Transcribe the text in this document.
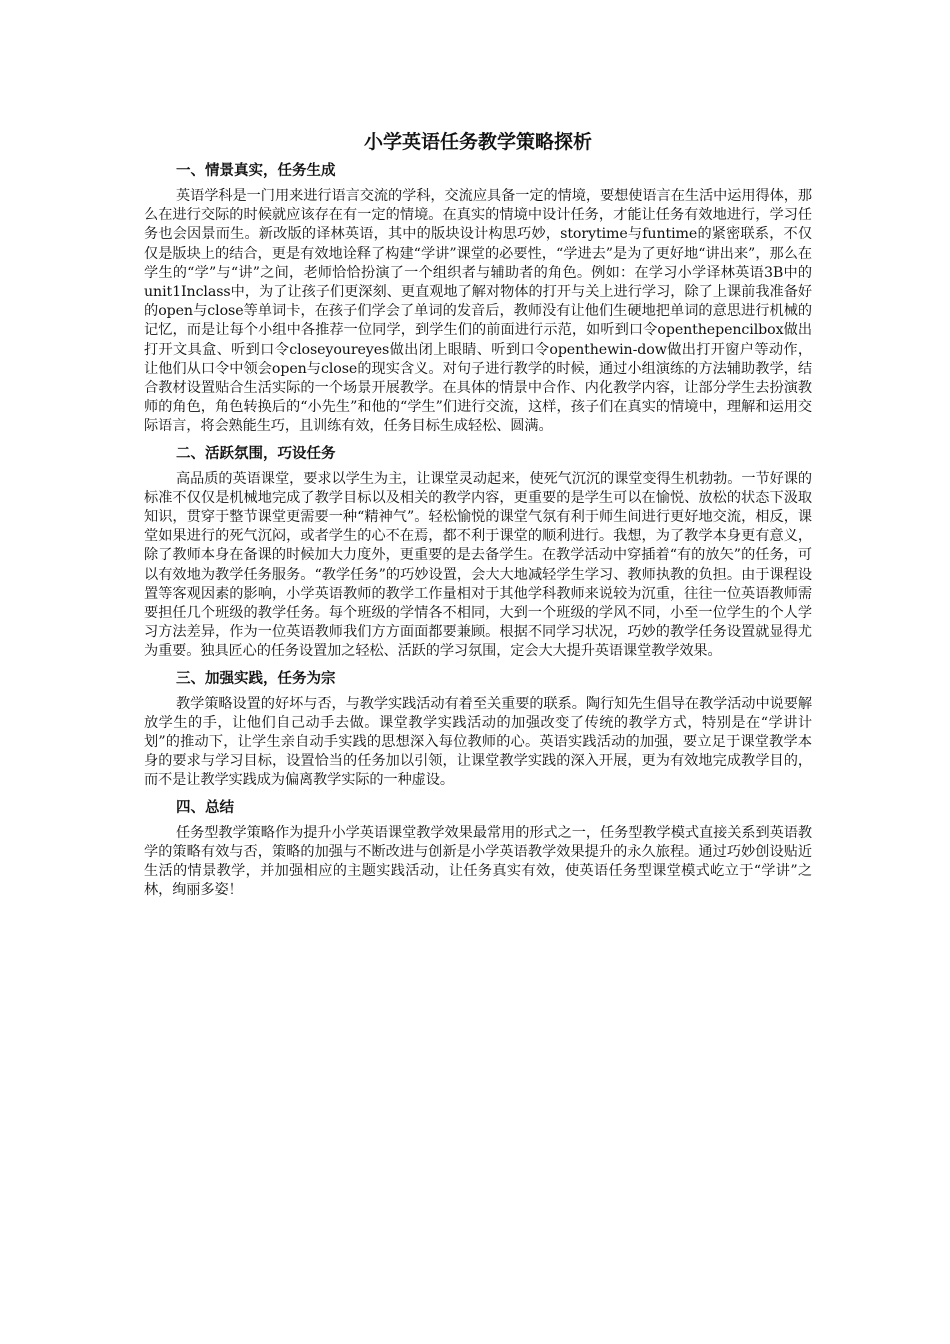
小学英语任务教学策略探析
一、情景真实，任务生成

英语学科是一门用来进行语言交流的学科，交流应具备一定的情境，要想使语言在生活中运用得体，那么在进行交际的时候就应该存在有一定的情境。在真实的情境中设计任务，才能让任务有效地进行，学习任务也会因景而生。新改版的译林英语，其中的版块设计构思巧妙，storytime与funtime的紧密联系，不仅仅是版块上的结合，更是有效地诠释了构建“学讲”课堂的必要性，“学进去”是为了更好地“讲出来”，那么在学生的“学”与“讲”之间，老师恰恰扮演了一个组织者与辅助者的角色。例如：在学习小学译林英语3B中的unit1Inclass中，为了让孩子们更深刻、更直观地了解对物体的打开与关上进行学习，除了上课前我准备好的open与close等单词卡，在孩子们学会了单词的发音后，教师没有让他们生硬地把单词的意思进行机械的记忆，而是让每个小组中各推荐一位同学，到学生们的前面进行示范，如听到口令openthepencilbox做出打开文具盒、听到口令closeyoureyes做出闭上眼睛、听到口令openthewin-dow做出打开窗户等动作，让他们从口令中领会open与close的现实含义。对句子进行教学的时候，通过小组演练的方法辅助教学，结合教材设置贴合生活实际的一个场景开展教学。在具体的情景中合作、内化教学内容，让部分学生去扮演教师的角色，角色转换后的“小先生”和他的“学生”们进行交流，这样，孩子们在真实的情境中，理解和运用交际语言，将会熟能生巧，且训练有效，任务目标生成轻松、圆满。

二、活跃氛围，巧设任务

高品质的英语课堂，要求以学生为主，让课堂灵动起来，使死气沉沉的课堂变得生机勃勃。一节好课的标准不仅仅是机械地完成了教学目标以及相关的教学内容，更重要的是学生可以在愉悦、放松的状态下汲取知识，贯穿于整节课堂更需要一种“精神气”。轻松愉悦的课堂气氛有利于师生间进行更好地交流，相反，课堂如果进行的死气沉闷，或者学生的心不在焉，都不利于课堂的顺利进行。我想，为了教学本身更有意义，除了教师本身在备课的时候加大力度外，更重要的是去备学生。在教学活动中穿插着“有的放矢”的任务，可以有效地为教学任务服务。“教学任务”的巧妙设置，会大大地减轻学生学习、教师执教的负担。由于课程设置等客观因素的影响，小学英语教师的教学工作量相对于其他学科教师来说较为沉重，往往一位英语教师需要担任几个班级的教学任务。每个班级的学情各不相同，大到一个班级的学风不同，小至一位学生的个人学习方法差异，作为一位英语教师我们方方面面都要兼顾。根据不同学习状况，巧妙的教学任务设置就显得尤为重要。独具匠心的任务设置加之轻松、活跃的学习氛围，定会大大提升英语课堂教学效果。

三、加强实践，任务为宗

教学策略设置的好坏与否，与教学实践活动有着至关重要的联系。陶行知先生倡导在教学活动中说要解放学生的手，让他们自己动手去做。课堂教学实践活动的加强改变了传统的教学方式，特别是在“学讲计划”的推动下，让学生亲自动手实践的思想深入每位教师的心。英语实践活动的加强，要立足于课堂教学本身的要求与学习目标，设置恰当的任务加以引领，让课堂教学实践的深入开展，更为有效地完成教学目的，而不是让教学实践成为偏离教学实际的一种虚设。

四、总结

任务型教学策略作为提升小学英语课堂教学效果最常用的形式之一，任务型教学模式直接关系到英语教学的策略有效与否，策略的加强与不断改进与创新是小学英语教学效果提升的永久旅程。通过巧妙创设贴近生活的情景教学，并加强相应的主题实践活动，让任务真实有效，使英语任务型课堂模式屹立于“学讲”之林，绚丽多姿！
